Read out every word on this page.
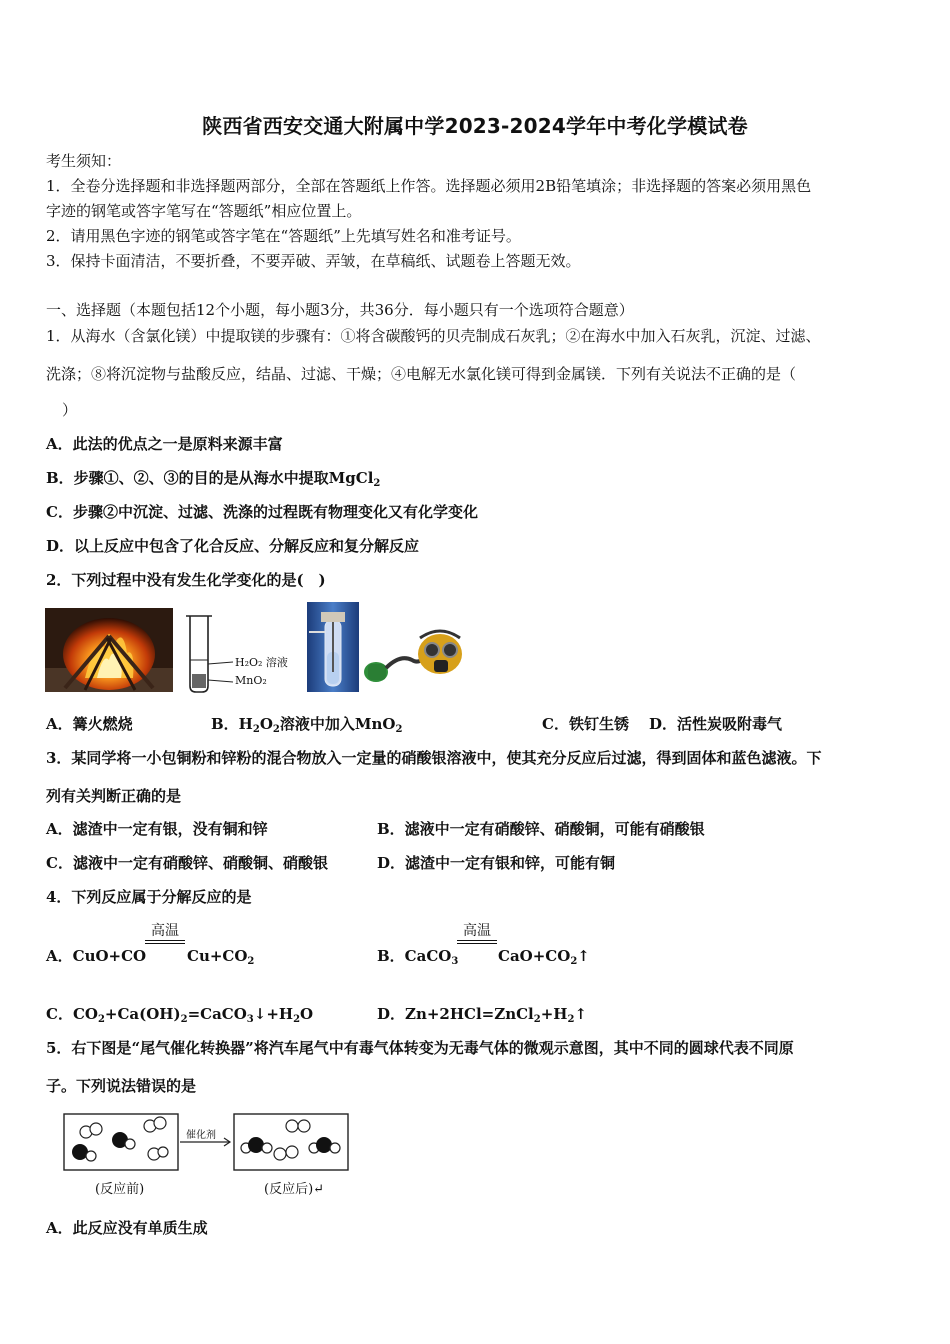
陕西省西安交通大附属中学2023-2024学年中考化学模试卷
考生须知：
1．全卷分选择题和非选择题两部分，全部在答题纸上作答。选择题必须用2B铅笔填涂；非选择题的答案必须用黑色
字迹的钢笔或答字笔写在“答题纸”相应位置上。
2．请用黑色字迹的钢笔或答字笔在“答题纸”上先填写姓名和准考证号。
3．保持卡面清洁，不要折叠，不要弄破、弄皱，在草稿纸、试题卷上答题无效。
一、选择题（本题包括12个小题，每小题3分，共36分．每小题只有一个选项符合题意）
1．从海水（含氯化镁）中提取镁的步骤有：①将含碳酸钙的贝壳制成石灰乳；②在海水中加入石灰乳，沉淀、过滤、
洗涤；⑧将沉淀物与盐酸反应，结晶、过滤、干燥；④电解无水氯化镁可得到金属镁．下列有关说法不正确的是（
）
A．此法的优点之一是原料来源丰富
B．步骤①、②、③的目的是从海水中提取MgCl$_2$
C．步骤②中沉淀、过滤、洗涤的过程既有物理变化又有化学变化
D．以上反应中包含了化合反应、分解反应和复分解反应
2．下列过程中没有发生化学变化的是(　)
H₂O₂ 溶液
MnO₂
A．篝火燃烧	B．$H_2O_2$溶液中加入MnO$_2$	C．铁钉生锈 D．活性炭吸附毒气
3．某同学将一小包铜粉和锌粉的混合物放入一定量的硝酸银溶液中，使其充分反应后过滤，得到固体和蓝色滤液。下
列有关判断正确的是
A．滤渣中一定有银，没有铜和锌	B．滤液中一定有硝酸锌、硝酸铜，可能有硝酸银
C．滤液中一定有硝酸锌、硝酸铜、硝酸银	D．滤渣中一定有银和锌，可能有铜
4．下列反应属于分解反应的是
A．CuO+CO
高温
$Cu+CO_2$	B．CaCO$_3$
高温
$CaO+CO_2↑$
C．$CO_2+Ca(OH)_2=CaCO_3↓+H_2O$	D．$Zn+2HCl=ZnCl_2+H_2↑$
5．右下图是“尾气催化转换器”将汽车尾气中有毒气体转变为无毒气体的微观示意图，其中不同的圆球代表不同原
子。下列说法错误的是
催化剂
(反应前)	(反应后)↵
A．此反应没有单质生成
